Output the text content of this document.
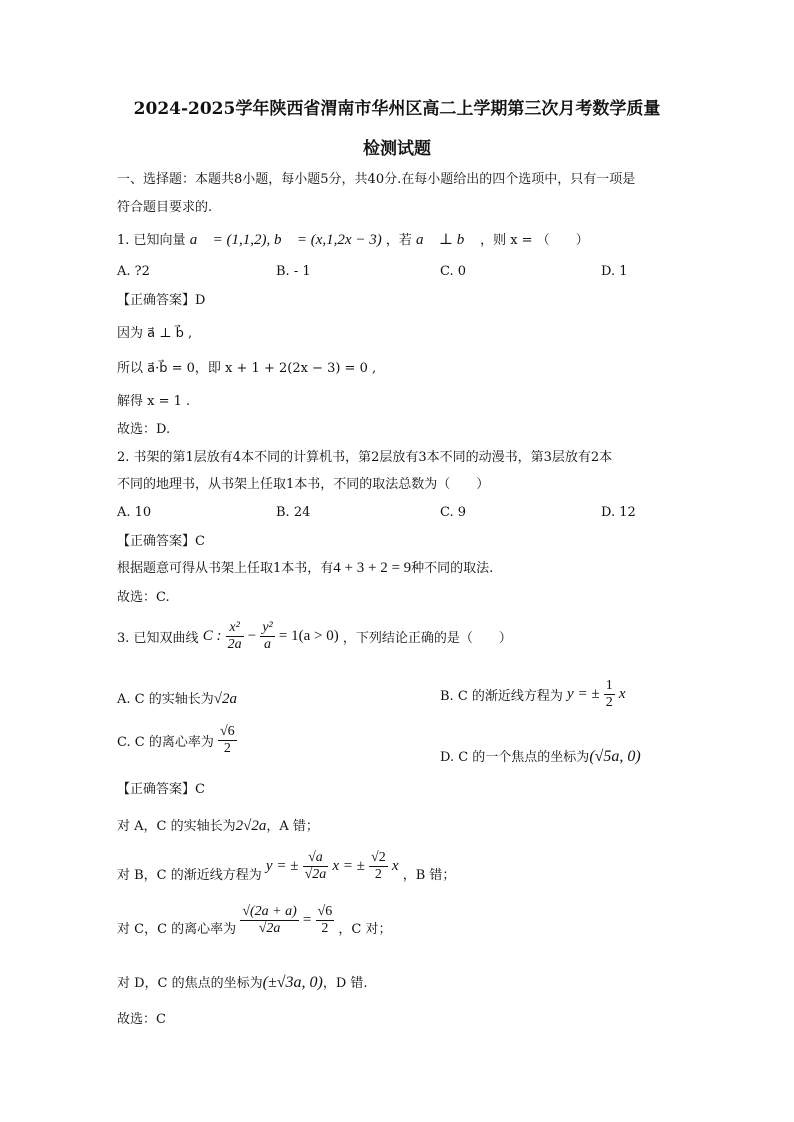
2024-2025学年陕西省渭南市华州区高二上学期第三次月考数学质量
检测试题
一、选择题：本题共8小题，每小题5分，共40分.在每小题给出的四个选项中，只有一项是
符合题目要求的.
1. 已知向量 a⃗ = (1,1,2), b⃗ = (x,1,2x − 3) ，若 a⃗ ⊥ b⃗ ，则 x = （　　）
A. ?2	B. - 1	C. 0	D. 1
【正确答案】D
因为 a⃗ ⊥ b⃗ ,
所以 a⃗·b⃗ = 0，即 x + 1 + 2(2x − 3) = 0 ,
解得 x = 1 .
故选：D.
2. 书架的第1层放有4本不同的计算机书，第2层放有3本不同的动漫书，第3层放有2本
不同的地理书，从书架上任取1本书，不同的取法总数为（　　）
A. 10	B. 24	C. 9	D. 12
【正确答案】C
根据题意可得从书架上任取1本书，有4 + 3 + 2 = 9种不同的取法.
故选：C.
3. 已知双曲线 C : $\frac{\text{x²}}{2a} - \frac{\text{y²}}{a} = 1(a > 0)$ ，下列结论正确的是（　　）
A. C 的实轴长为√2a	B. C 的渐近线方程为 y = ± $\frac{1}{2}$ x
C. C 的离心率为 $\frac{√6}{2}$
D. C 的一个焦点的坐标为(√5a, 0)
【正确答案】C
对 A，C 的实轴长为2√2a，A 错；
对 B，C 的渐近线方程为 y = ± $\frac{√a}{√2a}$ x = ± $\frac{√2}{2}$ x ，B 错；
对 C，C 的离心率为 $\frac{√(2a + a)}{√2a} = \frac{√6}{2}$ ，C 对；
对 D，C 的焦点的坐标为(±√3a, 0)，D 错.
故选：C
